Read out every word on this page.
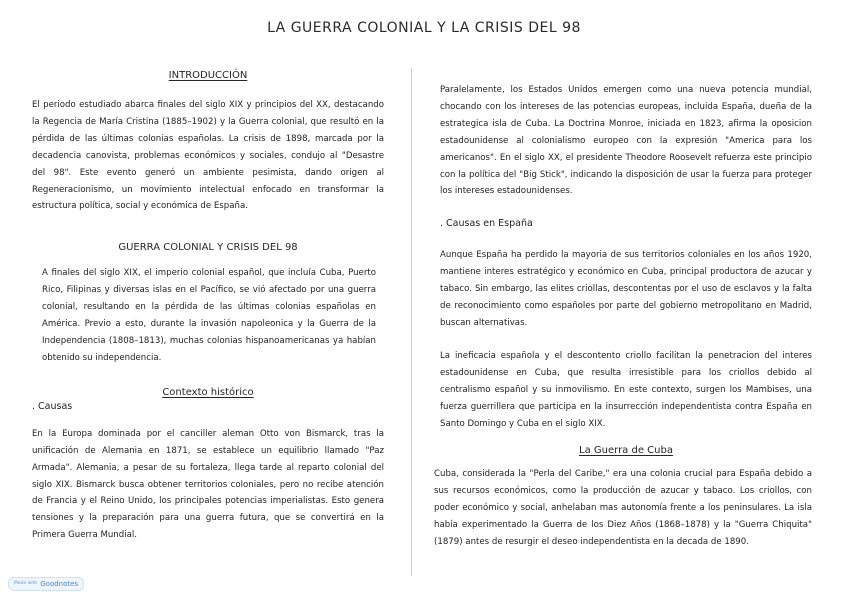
LA GUERRA COLONIAL Y LA CRISIS DEL 98

INTRODUCCIÓN

El periodo estudiado abarca finales del siglo XIX y principios del XX, destacando la Regencia de María Cristina (1885–1902) y la Guerra colonial, que resultó en la pérdida de las últimas colonias españolas. La crisis de 1898, marcada por la decadencia canovista, problemas económicos y sociales, condujo al "Desastre del 98". Este evento generó un ambiente pesimista, dando origen al Regeneracionismo, un movimiento intelectual enfocado en transformar la estructura política, social y económica de España.

GUERRA COLONIAL Y CRISIS DEL 98

A finales del siglo XIX, el imperio colonial español, que incluía Cuba, Puerto Rico, Filipinas y diversas islas en el Pacífico, se vió afectado por una guerra colonial, resultando en la pérdida de las últimas colonias españolas en América. Previo a esto, durante la invasión napoleonica y la Guerra de la Independencia (1808–1813), muchas colonias hispanoamericanas ya habían obtenido su independencia.

Contexto histórico

. Causas

En la Europa dominada por el canciller aleman Otto von Bismarck, tras la unificación de Alemania en 1871, se establece un equilibrio llamado "Paz Armada". Alemania, a pesar de su fortaleza, llega tarde al reparto colonial del siglo XIX. Bismarck busca obtener territorios coloniales, pero no recibe atención de Francia y el Reino Unido, los principales potencias imperialistas. Esto genera tensiones y la preparación para una guerra futura, que se convertirá en la Primera Guerra Mundial.

Paralelamente, los Estados Unidos emergen como una nueva potencia mundial, chocando con los intereses de las potencias europeas, incluida España, dueña de la estrategica isla de Cuba. La Doctrina Monroe, iniciada en 1823, afirma la oposicion estadounidense al colonialismo europeo con la expresión "America para los americanos". En el siglo XX, el presidente Theodore Roosevelt refuerza este principio con la política del "Big Stick", indicando la disposición de usar la fuerza para proteger los intereses estadounidenses.

. Causas en España

Aunque España ha perdido la mayoria de sus territorios coloniales en los años 1920, mantiene interes estratégico y económico en Cuba, principal productora de azucar y tabaco. Sin embargo, las elites criollas, descontentas por el uso de esclavos y la falta de reconocimiento como españoles por parte del gobierno metropolitano en Madrid, buscan alternativas.

La ineficacia española y el descontento criollo facilitan la penetracion del interes estadounidense en Cuba, que resulta irresistible para los criollos debido al centralismo español y su inmovilismo. En este contexto, surgen los Mambises, una fuerza guerrillera que participa en la insurrección independentista contra España en Santo Domingo y Cuba en el siglo XIX.

La Guerra de Cuba

Cuba, considerada la "Perla del Caribe," era una colonia crucial para España debido a sus recursos económicos, como la producción de azucar y tabaco. Los criollos, con poder económico y social, anhelaban mas autonomía frente a los peninsulares. La isla había experimentado la Guerra de los Diez Años (1868–1878) y la "Guerra Chiquita" (1879) antes de resurgir el deseo independentista en la decada de 1890.

Made with Goodnotes
